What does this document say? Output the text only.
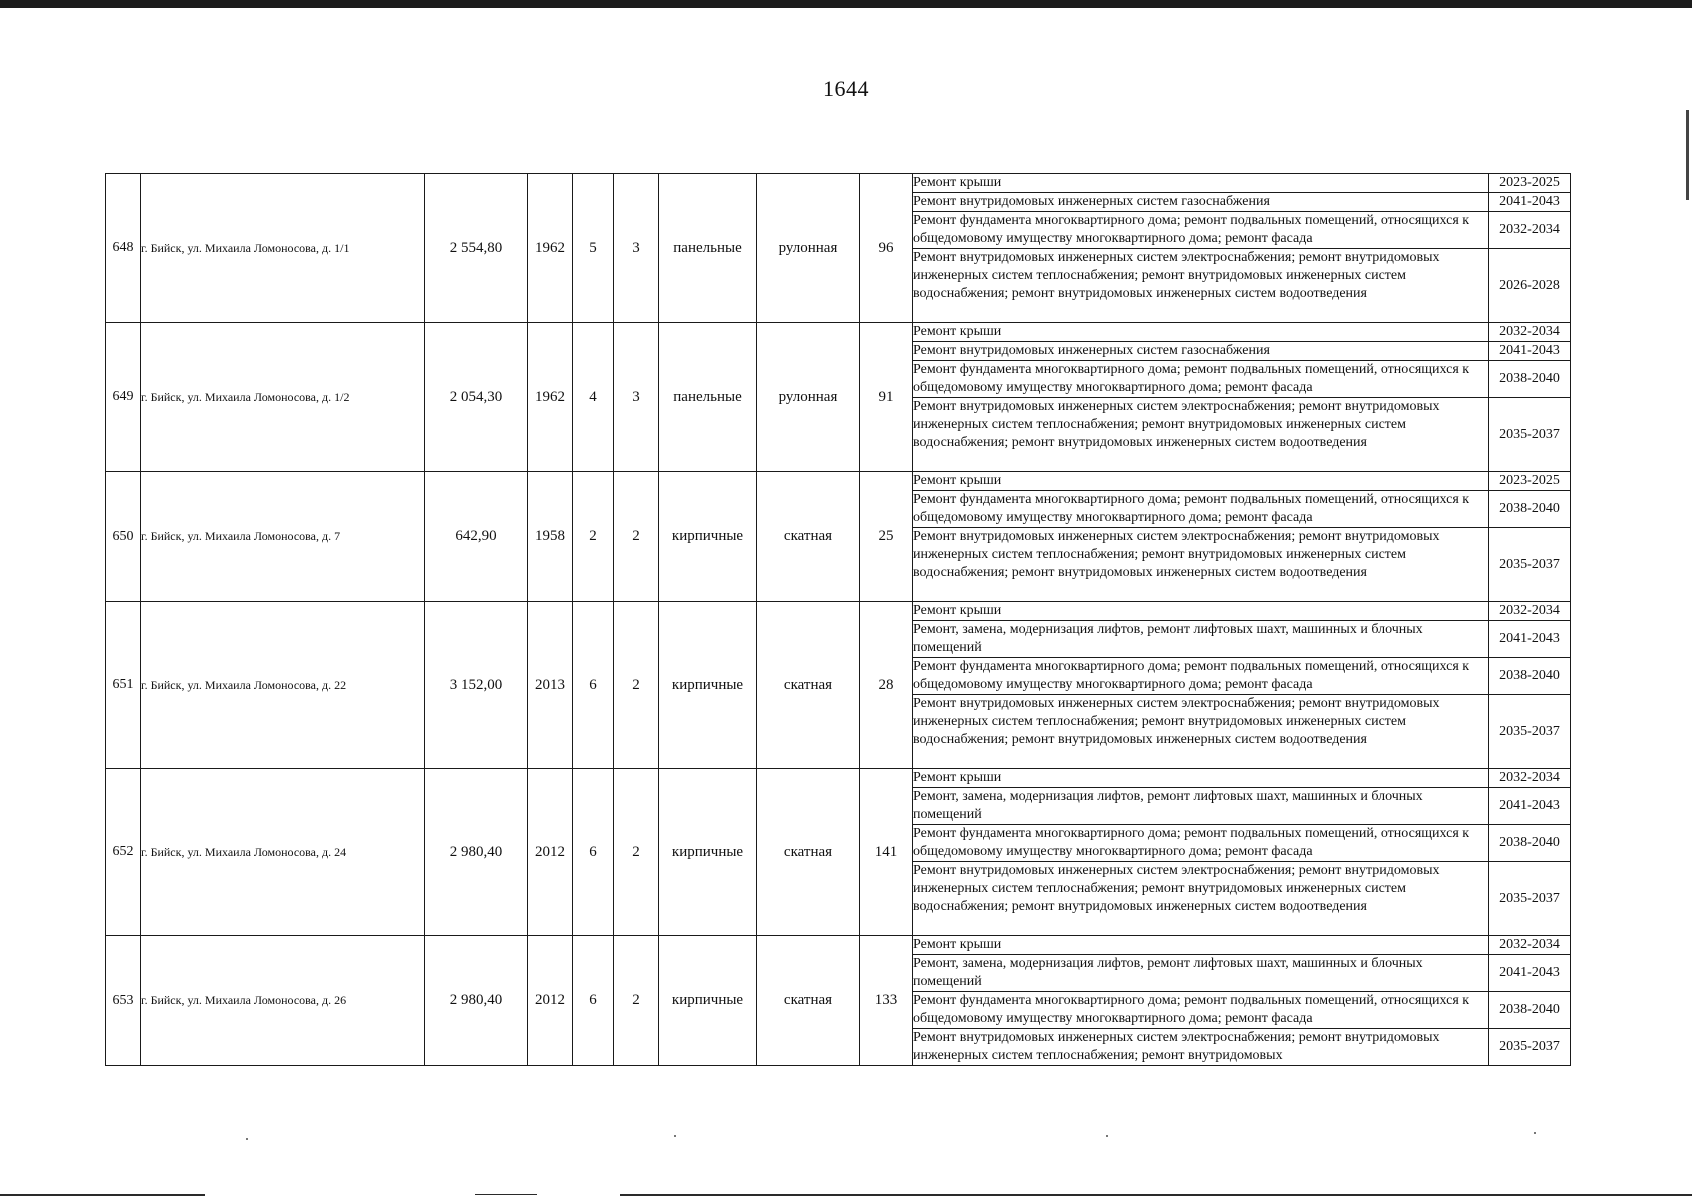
1644
648	г. Бийск, ул. Михаила Ломоносова, д. 1/1	2 554,80	1962	5	3	панельные	рулонная	96	Ремонт крыши	2023-2025
									Ремонт внутридомовых инженерных систем газоснабжения	2041-2043
									Ремонт фундамента многоквартирного дома; ремонт подвальных помещений, относящихся к общедомовому имуществу многоквартирного дома; ремонт фасада	2032-2034
									Ремонт внутридомовых инженерных систем электроснабжения; ремонт внутридомовых инженерных систем теплоснабжения; ремонт внутридомовых инженерных систем водоснабжения; ремонт внутридомовых инженерных систем водоотведения	2026-2028
649	г. Бийск, ул. Михаила Ломоносова, д. 1/2	2 054,30	1962	4	3	панельные	рулонная	91	Ремонт крыши	2032-2034
									Ремонт внутридомовых инженерных систем газоснабжения	2041-2043
									Ремонт фундамента многоквартирного дома; ремонт подвальных помещений, относящихся к общедомовому имуществу многоквартирного дома; ремонт фасада	2038-2040
									Ремонт внутридомовых инженерных систем электроснабжения; ремонт внутридомовых инженерных систем теплоснабжения; ремонт внутридомовых инженерных систем водоснабжения; ремонт внутридомовых инженерных систем водоотведения	2035-2037
650	г. Бийск, ул. Михаила Ломоносова, д. 7	642,90	1958	2	2	кирпичные	скатная	25	Ремонт крыши	2023-2025
									Ремонт фундамента многоквартирного дома; ремонт подвальных помещений, относящихся к общедомовому имуществу многоквартирного дома; ремонт фасада	2038-2040
									Ремонт внутридомовых инженерных систем электроснабжения; ремонт внутридомовых инженерных систем теплоснабжения; ремонт внутридомовых инженерных систем водоснабжения; ремонт внутридомовых инженерных систем водоотведения	2035-2037
651	г. Бийск, ул. Михаила Ломоносова, д. 22	3 152,00	2013	6	2	кирпичные	скатная	28	Ремонт крыши	2032-2034
									Ремонт, замена, модернизация лифтов, ремонт лифтовых шахт, машинных и блочных помещений	2041-2043
									Ремонт фундамента многоквартирного дома; ремонт подвальных помещений, относящихся к общедомовому имуществу многоквартирного дома; ремонт фасада	2038-2040
									Ремонт внутридомовых инженерных систем электроснабжения; ремонт внутридомовых инженерных систем теплоснабжения; ремонт внутридомовых инженерных систем водоснабжения; ремонт внутридомовых инженерных систем водоотведения	2035-2037
652	г. Бийск, ул. Михаила Ломоносова, д. 24	2 980,40	2012	6	2	кирпичные	скатная	141	Ремонт крыши	2032-2034
									Ремонт, замена, модернизация лифтов, ремонт лифтовых шахт, машинных и блочных помещений	2041-2043
									Ремонт фундамента многоквартирного дома; ремонт подвальных помещений, относящихся к общедомовому имуществу многоквартирного дома; ремонт фасада	2038-2040
									Ремонт внутридомовых инженерных систем электроснабжения; ремонт внутридомовых инженерных систем теплоснабжения; ремонт внутридомовых инженерных систем водоснабжения; ремонт внутридомовых инженерных систем водоотведения	2035-2037
653	г. Бийск, ул. Михаила Ломоносова, д. 26	2 980,40	2012	6	2	кирпичные	скатная	133	Ремонт крыши	2032-2034
									Ремонт, замена, модернизация лифтов, ремонт лифтовых шахт, машинных и блочных помещений	2041-2043
									Ремонт фундамента многоквартирного дома; ремонт подвальных помещений, относящихся к общедомовому имуществу многоквартирного дома; ремонт фасада	2038-2040

									Ремонт внутридомовых инженерных систем электроснабжения; ремонт внутридомовых инженерных систем теплоснабжения; ремонт внутридомовых	2035-2037
